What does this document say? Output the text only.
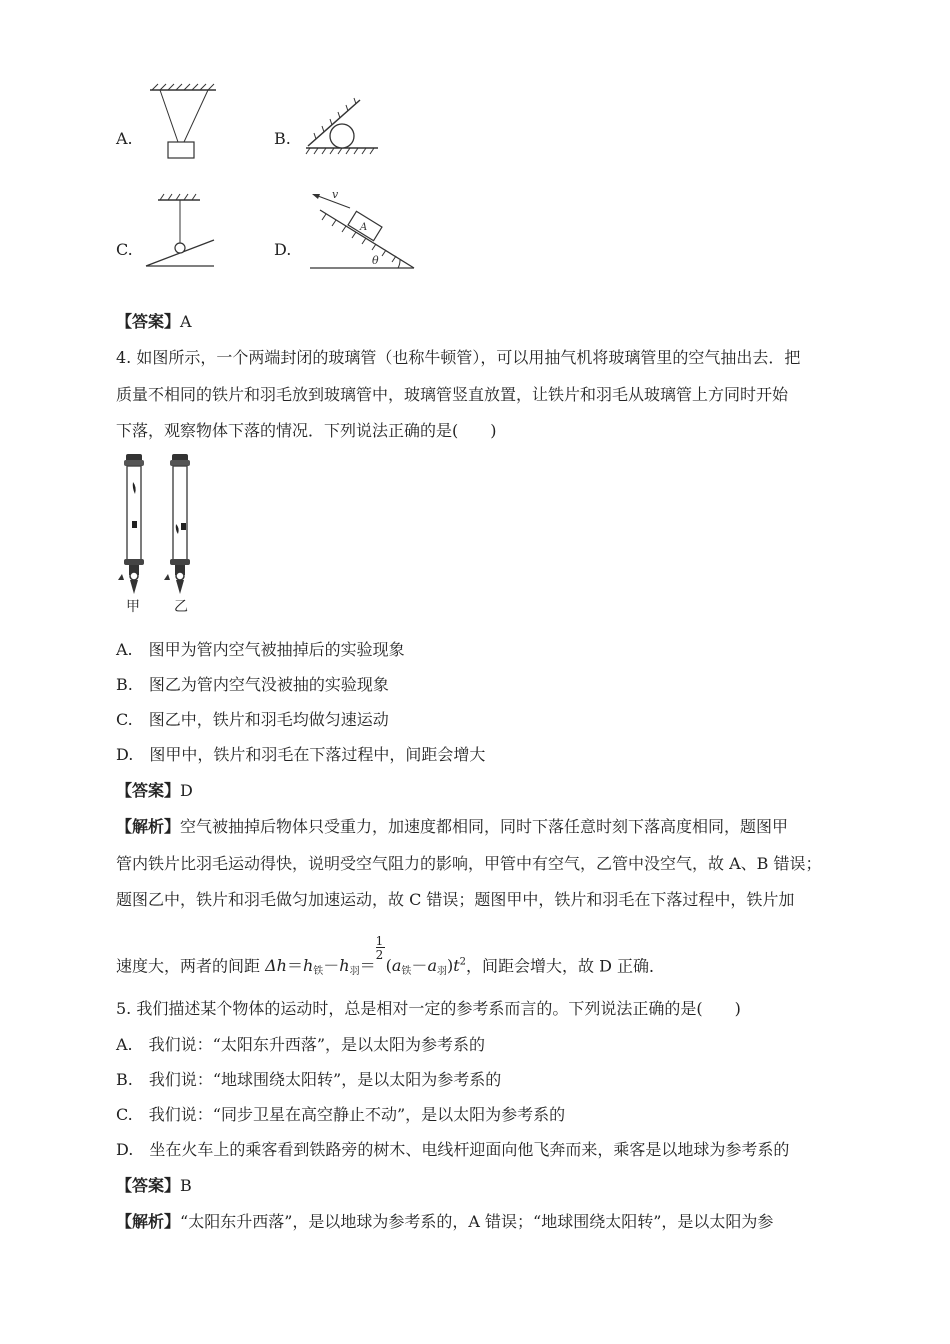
A.	B.
C.	D.
v
A
θ
【答案】A
4. 如图所示，一个两端封闭的玻璃管（也称牛顿管），可以用抽气机将玻璃管里的空气抽出去．把
质量不相同的铁片和羽毛放到玻璃管中，玻璃管竖直放置，让铁片和羽毛从玻璃管上方同时开始
下落，观察物体下落的情况．下列说法正确的是(　　)
甲 乙
A.　图甲为管内空气被抽掉后的实验现象
B.　图乙为管内空气没被抽的实验现象
C.　图乙中，铁片和羽毛均做匀速运动
D.　图甲中，铁片和羽毛在下落过程中，间距会增大
【答案】D
【解析】空气被抽掉后物体只受重力，加速度都相同，同时下落任意时刻下落高度相同，题图甲
管内铁片比羽毛运动得快，说明受空气阻力的影响，甲管中有空气，乙管中没空气，故 A、B 错误；
题图乙中，铁片和羽毛做匀加速运动，故 C 错误；题图甲中，铁片和羽毛在下落过程中，铁片加
速度大，两者的间距 $\Delta h=h_铁-h_羽=$
1
2
$(a_铁-a_羽)t^2$，间距会增大，故 D 正确．
5. 我们描述某个物体的运动时，总是相对一定的参考系而言的。下列说法正确的是(　　)
A.　我们说：“太阳东升西落”，是以太阳为参考系的
B.　我们说：“地球围绕太阳转”，是以太阳为参考系的
C.　我们说：“同步卫星在高空静止不动”，是以太阳为参考系的
D.　坐在火车上的乘客看到铁路旁的树木、电线杆迎面向他飞奔而来，乘客是以地球为参考系的
【答案】B
【解析】“太阳东升西落”，是以地球为参考系的，A 错误；“地球围绕太阳转”，是以太阳为参
